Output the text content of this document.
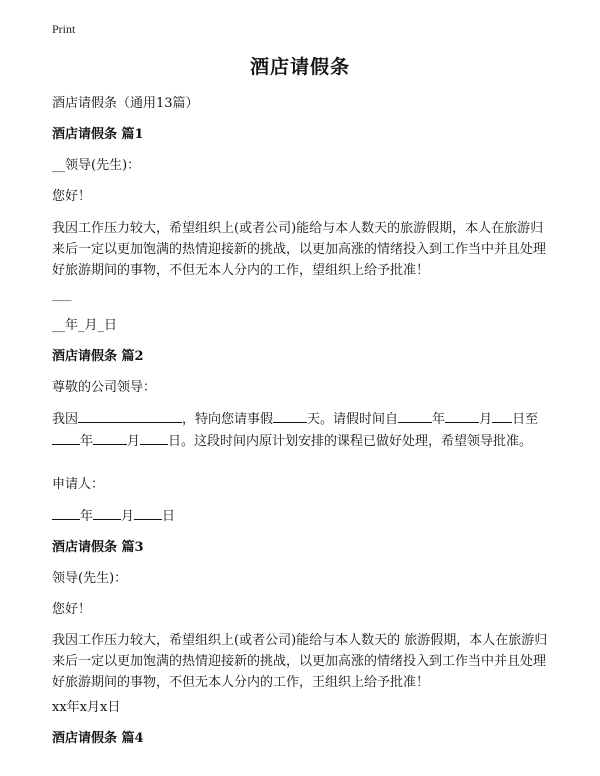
Print
酒店请假条

酒店请假条（通用13篇）

酒店请假条 篇1

__领导(先生)：

您好！

我因工作压力较大，希望组织上(或者公司)能给与本人数天的旅游假期，本人在旅游归来后一定以更加饱满的热情迎接新的挑战，以更加高涨的情绪投入到工作当中并且处理好旅游期间的事物，不但无本人分内的工作，望组织上给予批准！

___

__年_月_日

酒店请假条 篇2

尊敬的公司领导：

我因	，特向您请事假	天。请假时间自	年	月 日至年	月 日。这段时间内原计划安排的课程已做好处理，希望领导批准。

申请人：

年 月 日

酒店请假条 篇3

领导(先生)：

您好！

我因工作压力较大，希望组织上(或者公司)能给与本人数天的 旅游假期，本人在旅游归来后一定以更加饱满的热情迎接新的挑战，以更加高涨的情绪投入到工作当中并且处理好旅游期间的事物，不但无本人分内的工作，王组织上给予批准！

xx年x月x日

酒店请假条 篇4
